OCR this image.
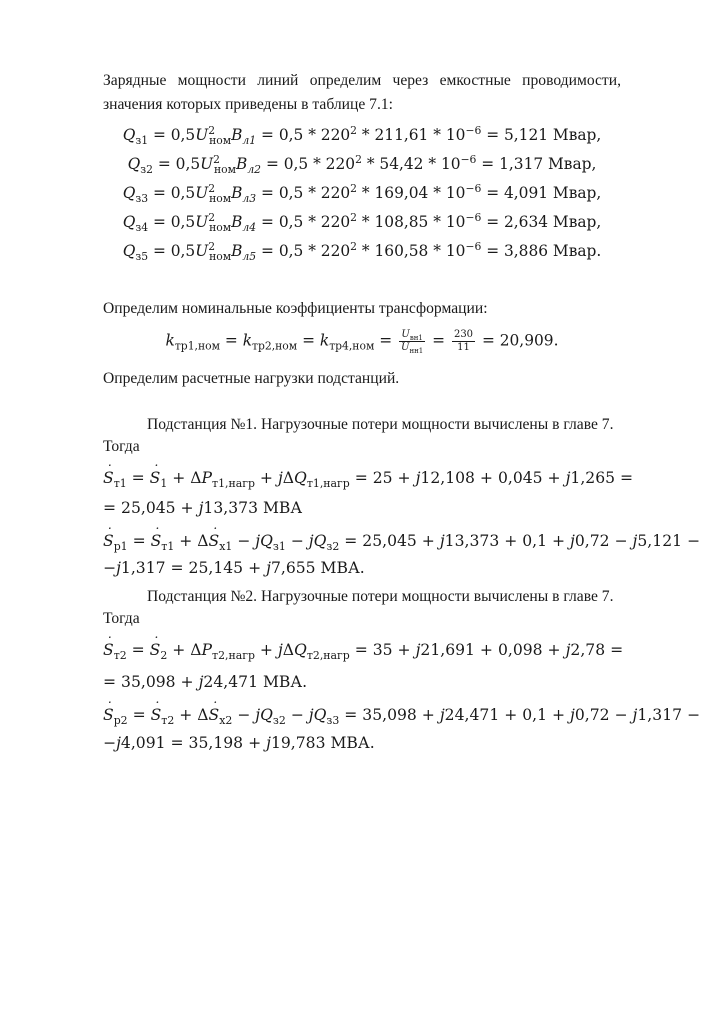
Зарядные мощности линий определим через емкостные проводимости,
значения которых приведены в таблице 7.1:
$Q_{з1} = 0,5U^2_{ном}B_{л1} = 0,5 * 220^2 * 211,61 * 10^{-6} = 5,121$ Мвар,
$Q_{з2} = 0,5U^2_{ном}B_{л2} = 0,5 * 220^2 * 54,42 * 10^{-6} = 1,317$ Мвар,
$Q_{з3} = 0,5U^2_{ном}B_{л3} = 0,5 * 220^2 * 169,04 * 10^{-6} = 4,091$ Мвар,
$Q_{з4} = 0,5U^2_{ном}B_{л4} = 0,5 * 220^2 * 108,85 * 10^{-6} = 2,634$ Мвар,
$Q_{з5} = 0,5U^2_{ном}B_{л5} = 0,5 * 220^2 * 160,58 * 10^{-6} = 3,886$ Мвар.
Определим номинальные коэффициенты трансформации:
$k_{тр1,ном} = k_{тр2,ном} = k_{тр4,ном} = \frac{U_{вн1}}{U_{нн1}} = \frac{230}{11} = 20,909$.
Определим расчетные нагрузки подстанций.
Подстанция №1. Нагрузочные потери мощности вычислены в главе 7.
Тогда
˙ $S_{т1}$ = ˙ $S_1 + \Delta P_{т1,нагр} + j\Delta Q_{т1,нагр} = 25 + j12,108 + 0,045 + j1,265$ =
= 25,045 + j13,373 МВА
˙ $S_{р1}$ = ˙ $S_{т1}$ + Δ˙ $S_{х1} - jQ_{з1} - jQ_{з2} = 25,045 + j13,373 + 0,1 + j0,72 - j5,121$ −
−j1,317 = 25,145 + j7,655 МВА.
Подстанция №2. Нагрузочные потери мощности вычислены в главе 7.
Тогда
˙ $S_{т2}$ = ˙ $S_2 + \Delta P_{т2,нагр} + j\Delta Q_{т2,нагр} = 35 + j21,691 + 0,098 + j2,78$ =
= 35,098 + j24,471 МВА.
˙ $S_{р2}$ = ˙ $S_{т2}$ + Δ˙ $S_{х2} - jQ_{з2} - jQ_{з3} = 35,098 + j24,471 + 0,1 + j0,72 - j1,317$ −
−j4,091 = 35,198 + j19,783 МВА.
